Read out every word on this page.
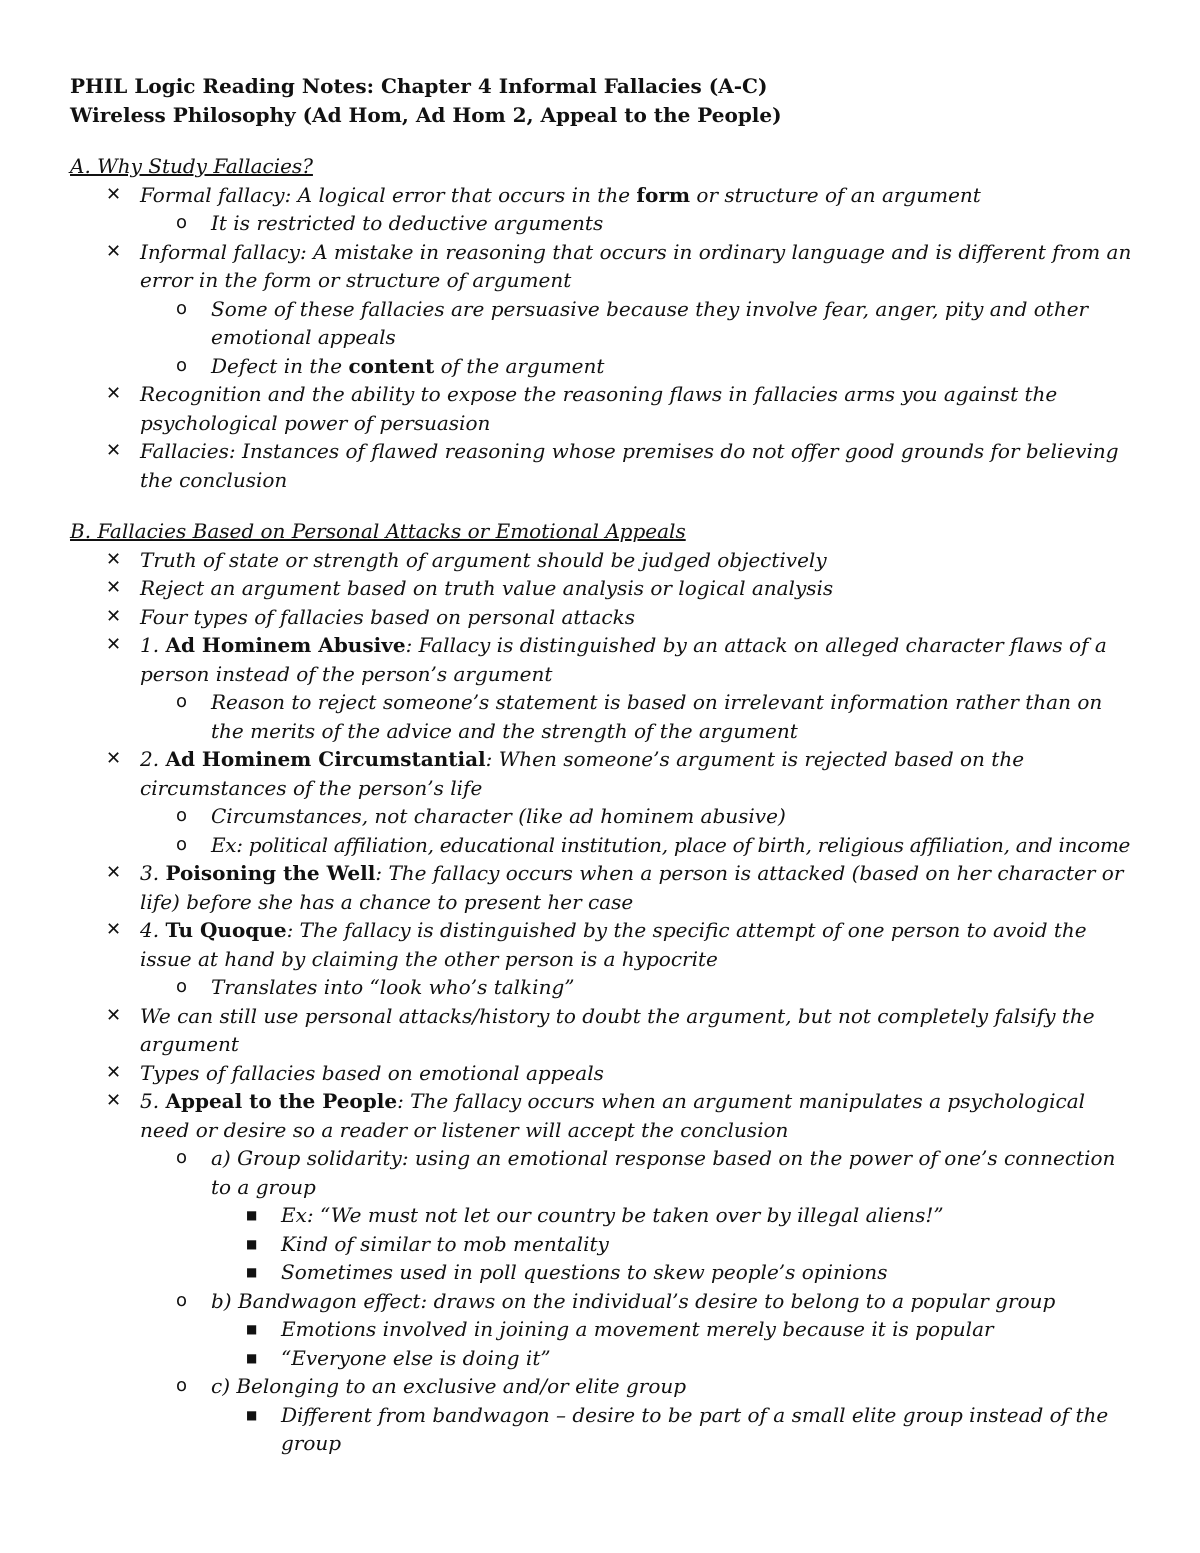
PHIL Logic Reading Notes: Chapter 4 Informal Fallacies (A-C)

Wireless Philosophy (Ad Hom, Ad Hom 2, Appeal to the People)

A. Why Study Fallacies?

✕ Formal fallacy: A logical error that occurs in the form or structure of an argument
o It is restricted to deductive arguments
✕ Informal fallacy: A mistake in reasoning that occurs in ordinary language and is different from an error in the form or structure of argument
o Some of these fallacies are persuasive because they involve fear, anger, pity and other emotional appeals
o Defect in the content of the argument
✕ Recognition and the ability to expose the reasoning flaws in fallacies arms you against the psychological power of persuasion
✕ Fallacies: Instances of flawed reasoning whose premises do not offer good grounds for believing the conclusion

B. Fallacies Based on Personal Attacks or Emotional Appeals

✕ Truth of state or strength of argument should be judged objectively
✕ Reject an argument based on truth value analysis or logical analysis
✕ Four types of fallacies based on personal attacks
✕ 1. Ad Hominem Abusive: Fallacy is distinguished by an attack on alleged character flaws of a person instead of the person’s argument
o Reason to reject someone’s statement is based on irrelevant information rather than on the merits of the advice and the strength of the argument
✕ 2. Ad Hominem Circumstantial: When someone’s argument is rejected based on the circumstances of the person’s life
o Circumstances, not character (like ad hominem abusive)
o Ex: political affiliation, educational institution, place of birth, religious affiliation, and income
✕ 3. Poisoning the Well: The fallacy occurs when a person is attacked (based on her character or life) before she has a chance to present her case
✕ 4. Tu Quoque: The fallacy is distinguished by the specific attempt of one person to avoid the issue at hand by claiming the other person is a hypocrite
o Translates into “look who’s talking”
✕ We can still use personal attacks/history to doubt the argument, but not completely falsify the argument
✕ Types of fallacies based on emotional appeals
✕ 5. Appeal to the People: The fallacy occurs when an argument manipulates a psychological need or desire so a reader or listener will accept the conclusion
o a) Group solidarity: using an emotional response based on the power of one’s connection to a group
■ Ex: “We must not let our country be taken over by illegal aliens!”
■ Kind of similar to mob mentality
■ Sometimes used in poll questions to skew people’s opinions
o b) Bandwagon effect: draws on the individual’s desire to belong to a popular group
■ Emotions involved in joining a movement merely because it is popular
■ “Everyone else is doing it”
o c) Belonging to an exclusive and/or elite group
■ Different from bandwagon – desire to be part of a small elite group instead of the group
